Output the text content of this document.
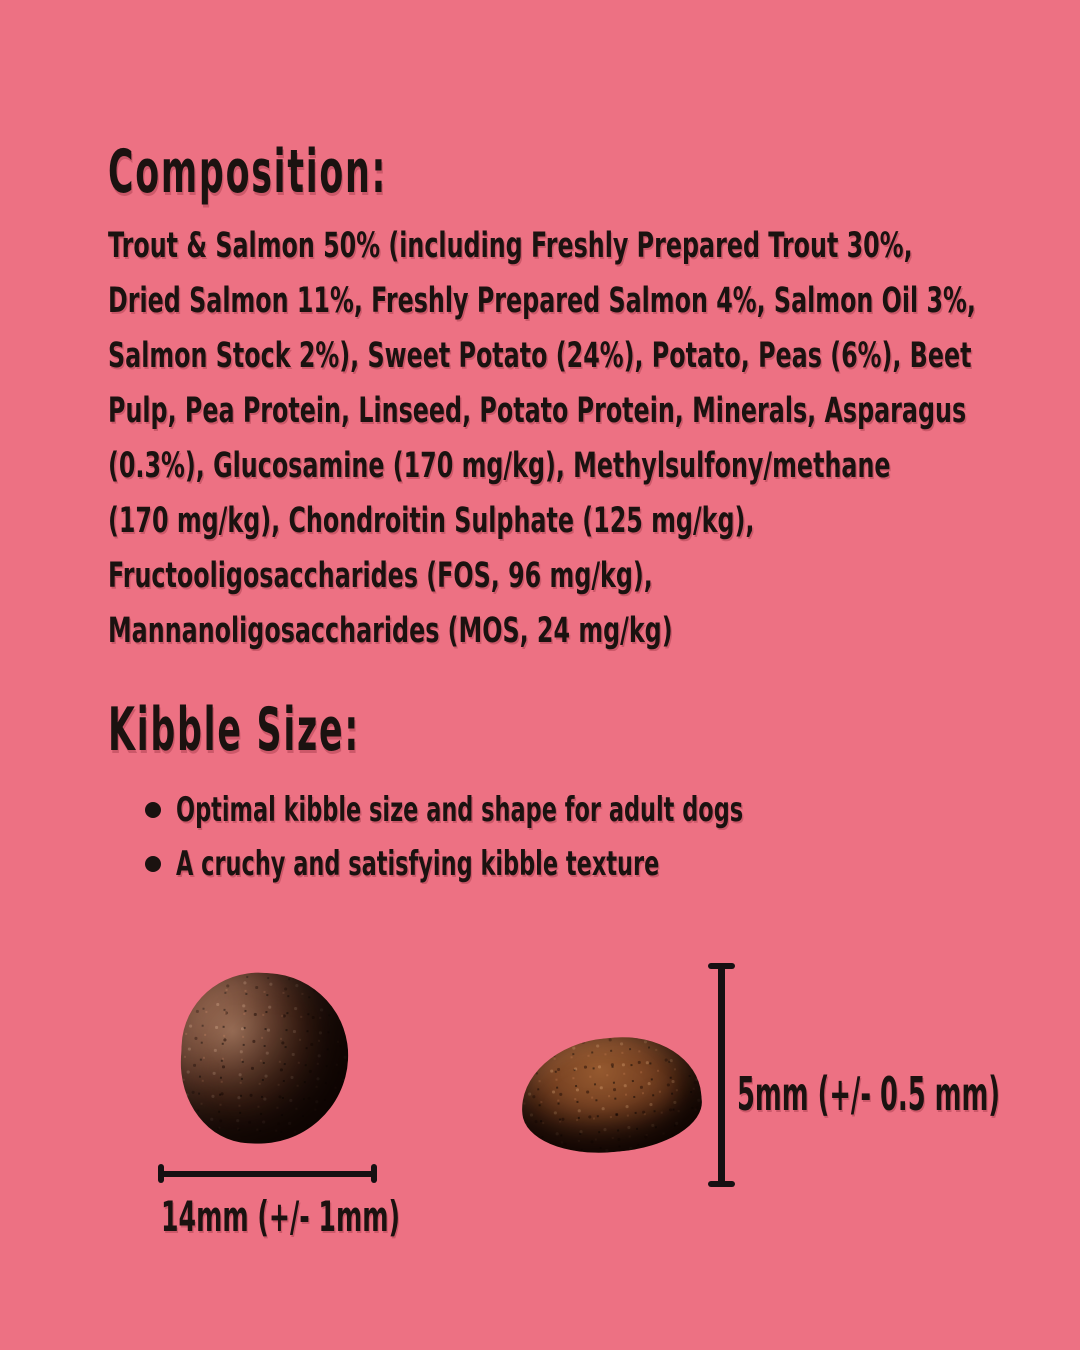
Composition:
Trout & Salmon 50% (including Freshly Prepared Trout 30%,
Dried Salmon 11%, Freshly Prepared Salmon 4%, Salmon Oil 3%,
Salmon Stock 2%), Sweet Potato (24%), Potato, Peas (6%), Beet
Pulp, Pea Protein, Linseed, Potato Protein, Minerals, Asparagus
(0.3%), Glucosamine (170 mg/kg), Methylsulfony/methane
(170 mg/kg), Chondroitin Sulphate (125 mg/kg),
Fructooligosaccharides (FOS, 96 mg/kg),
Mannanoligosaccharides (MOS, 24 mg/kg)
Kibble Size:
Optimal kibble size and shape for adult dogs
A cruchy and satisfying kibble texture
14mm (+/- 1mm)
5mm (+/- 0.5 mm)
